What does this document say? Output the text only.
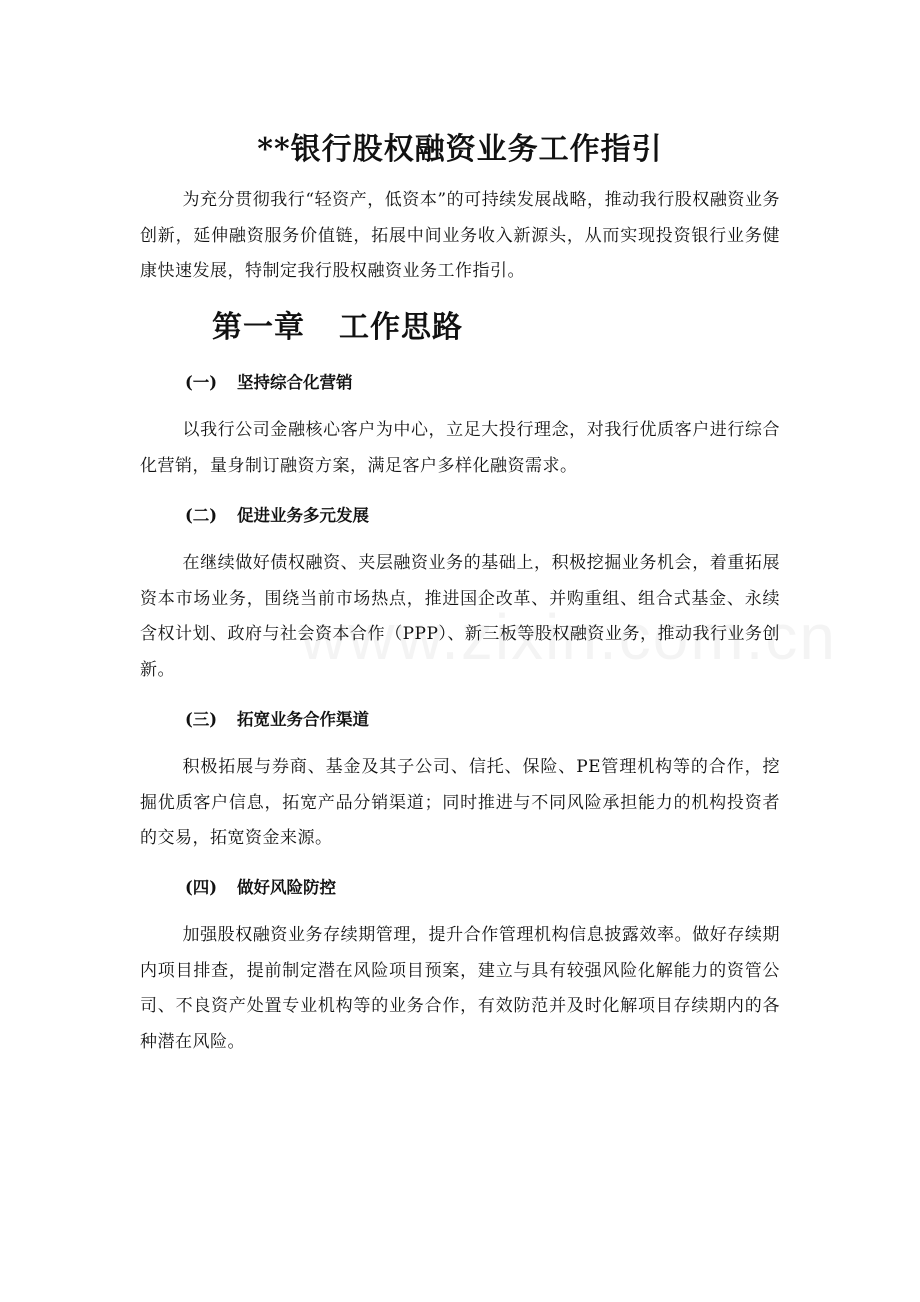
**银行股权融资业务工作指引

为充分贯彻我行“轻资产，低资本”的可持续发展战略，推动我行股权融资业务创新，延伸融资服务价值链，拓展中间业务收入新源头，从而实现投资银行业务健康快速发展，特制定我行股权融资业务工作指引。

第一章 工作思路
(一) 坚持综合化营销

以我行公司金融核心客户为中心，立足大投行理念，对我行优质客户进行综合化营销，量身制订融资方案，满足客户多样化融资需求。

(二) 促进业务多元发展

在继续做好债权融资、夹层融资业务的基础上，积极挖掘业务机会，着重拓展资本市场业务，围绕当前市场热点，推进国企改革、并购重组、组合式基金、永续含权计划、政府与社会资本合作（PPP）、新三板等股权融资业务，推动我行业务创新。

(三) 拓宽业务合作渠道

积极拓展与券商、基金及其子公司、信托、保险、PE管理机构等的合作，挖掘优质客户信息，拓宽产品分销渠道；同时推进与不同风险承担能力的机构投资者的交易，拓宽资金来源。

(四) 做好风险防控

加强股权融资业务存续期管理，提升合作管理机构信息披露效率。做好存续期内项目排查，提前制定潜在风险项目预案，建立与具有较强风险化解能力的资管公司、不良资产处置专业机构等的业务合作，有效防范并及时化解项目存续期内的各种潜在风险。
